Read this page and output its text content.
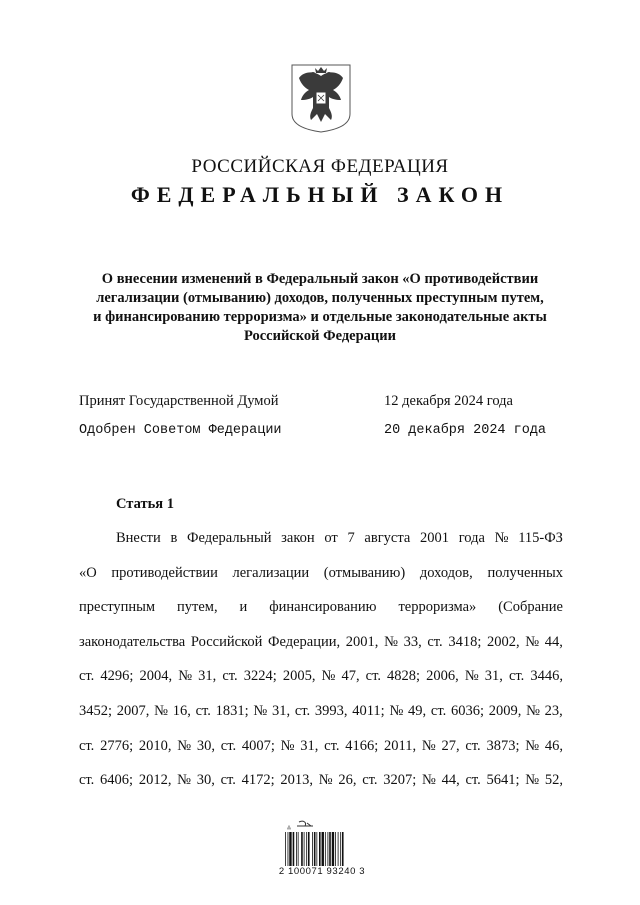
РОССИЙСКАЯ ФЕДЕРАЦИЯ
ФЕДЕРАЛЬНЫЙ ЗАКОН
О внесении изменений в Федеральный закон «О противодействии
легализации (отмыванию) доходов, полученных преступным путем,
и финансированию терроризма» и отдельные законодательные акты
Российской Федерации
Принят Государственной Думой	12 декабря 2024 года
Одобрен Советом Федерации	20 декабря 2024 года
Статья 1
Внести в Федеральный закон от 7 августа 2001 года № 115-ФЗ
«О противодействии легализации (отмыванию) доходов, полученных
преступным путем, и финансированию терроризма» (Собрание
законодательства Российской Федерации, 2001, № 33, ст. 3418; 2002, № 44,
ст. 4296; 2004, № 31, ст. 3224; 2005, № 47, ст. 4828; 2006, № 31, ст. 3446,
3452; 2007, № 16, ст. 1831; № 31, ст. 3993, 4011; № 49, ст. 6036; 2009, № 23,
ст. 2776; 2010, № 30, ст. 4007; № 31, ст. 4166; 2011, № 27, ст. 3873; № 46,
ст. 6406; 2012, № 30, ст. 4172; 2013, № 26, ст. 3207; № 44, ст. 5641; № 52,
⁂
2 100071 93240 3
